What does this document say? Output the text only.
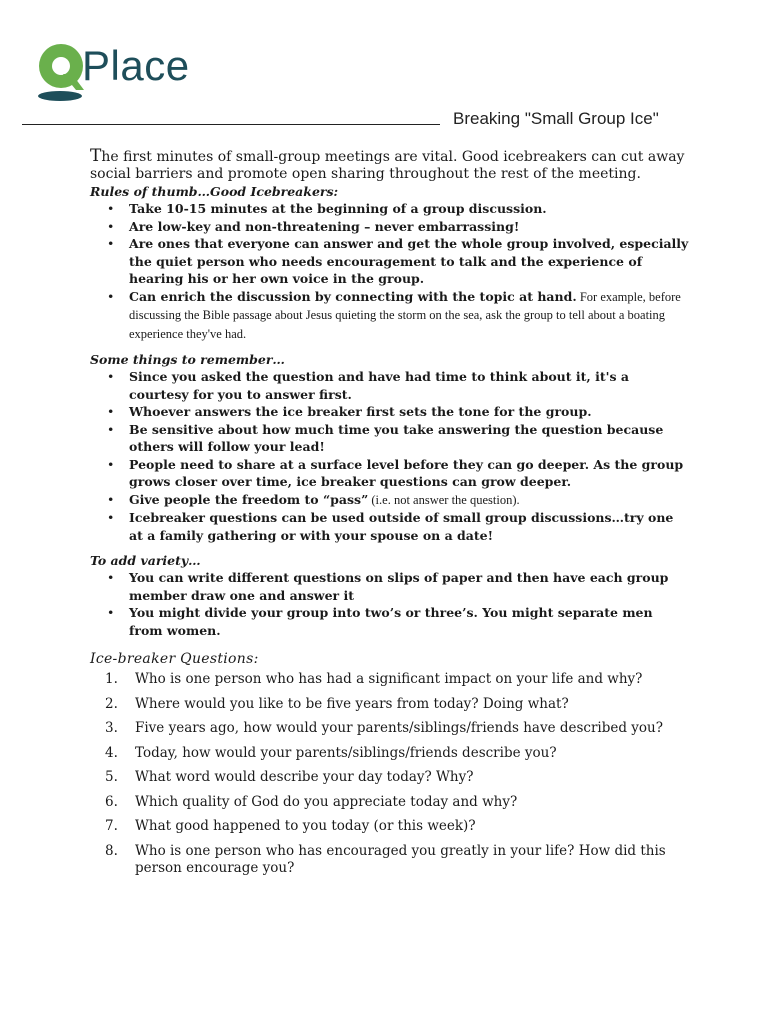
Place
Breaking "Small Group Ice"

The first minutes of small-group meetings are vital. Good icebreakers can cut away social barriers and promote open sharing throughout the rest of the meeting.

Rules of thumb…Good Icebreakers:

• Take 10-15 minutes at the beginning of a group discussion.
• Are low-key and non-threatening – never embarrassing!
• Are ones that everyone can answer and get the whole group involved, especially the quiet person who needs encouragement to talk and the experience of hearing his or her own voice in the group.
• Can enrich the discussion by connecting with the topic at hand. For example, before discussing the Bible passage about Jesus quieting the storm on the sea, ask the group to tell about a boating experience they've had.

Some things to remember…

• Since you asked the question and have had time to think about it, it's a courtesy for you to answer first.
• Whoever answers the ice breaker first sets the tone for the group.
• Be sensitive about how much time you take answering the question because others will follow your lead!
• People need to share at a surface level before they can go deeper. As the group grows closer over time, ice breaker questions can grow deeper.
• Give people the freedom to “pass” (i.e. not answer the question).
• Icebreaker questions can be used outside of small group discussions…try one at a family gathering or with your spouse on a date!

To add variety…

• You can write different questions on slips of paper and then have each group member draw one and answer it
• You might divide your group into two’s or three’s. You might separate men from women.

Ice-breaker Questions:

1. Who is one person who has had a significant impact on your life and why?
2. Where would you like to be five years from today? Doing what?
3. Five years ago, how would your parents/siblings/friends have described you?
4. Today, how would your parents/siblings/friends describe you?
5. What word would describe your day today? Why?
6. Which quality of God do you appreciate today and why?
7. What good happened to you today (or this week)?
8. Who is one person who has encouraged you greatly in your life? How did this person encourage you?
